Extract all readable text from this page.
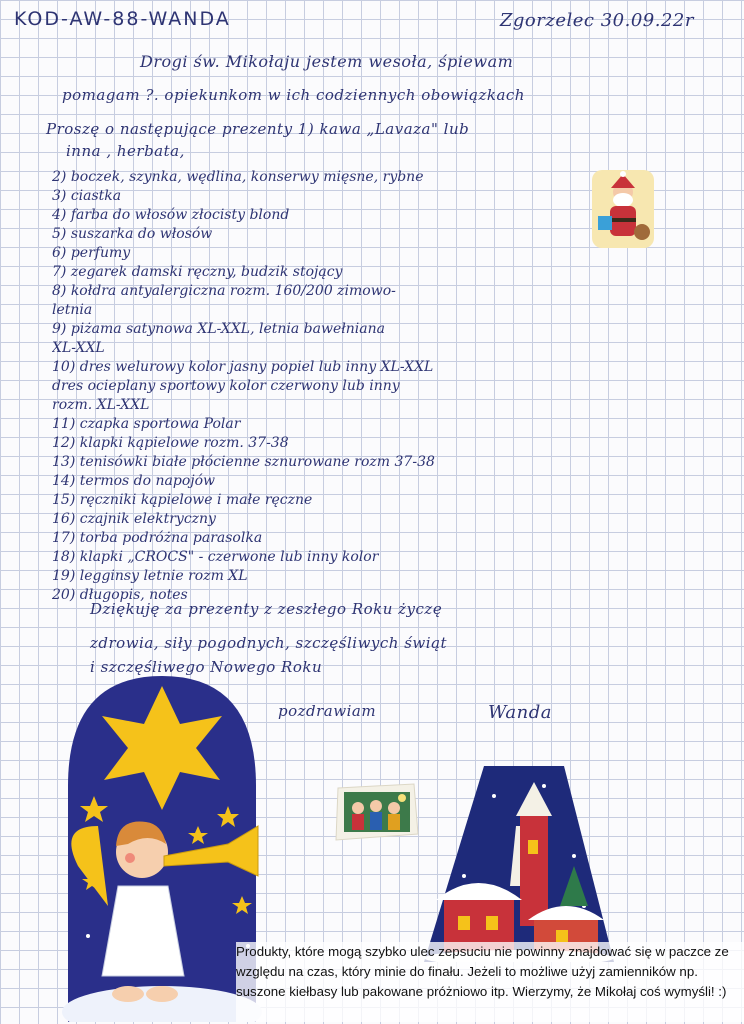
KOD-AW-88-WANDA	Zgorzelec 30.09.22r
Drogi św. Mikołaju jestem wesoła, śpiewam
pomagam ?. opiekunkom w ich codziennych obowiązkach
Proszę o następujące prezenty 1) kawa „Lavaza" lub
inna , herbata,
2) boczek, szynka, wędlina, konserwy mięsne, rybne
3) ciastka
4) farba do włosów złocisty blond
5) suszarka do włosów
6) perfumy
7) zegarek damski ręczny, budzik stojący
8) kołdra antyalergiczna rozm. 160/200 zimowo-
letnia
9) piżama satynowa XL-XXL, letnia bawełniana
XL-XXL
10) dres welurowy kolor jasny popiel lub inny XL-XXL
dres ocieplany sportowy kolor czerwony lub inny
rozm. XL-XXL
11) czapka sportowa Polar
12) klapki kąpielowe rozm. 37-38
13) tenisówki białe płócienne sznurowane rozm 37-38
14) termos do napojów
15) ręczniki kąpielowe i małe ręczne
16) czajnik elektryczny
17) torba podróżna parasolka
18) klapki „CROCS" - czerwone lub inny kolor
19) legginsy letnie rozm XL
20) długopis, notes
Dziękuję za prezenty z zeszłego Roku życzę
zdrowia, siły pogodnych, szczęśliwych świąt
i szczęśliwego Nowego Roku
pozdrawiam	Wanda
Produkty, które mogą szybko ulec zepsuciu nie powinny znajdować się w paczce ze względu na czas, który minie do finału. Jeżeli to możliwe użyj zamienników np. suszone kiełbasy lub pakowane próżniowo itp. Wierzymy, że Mikołaj coś wymyśli! :)
